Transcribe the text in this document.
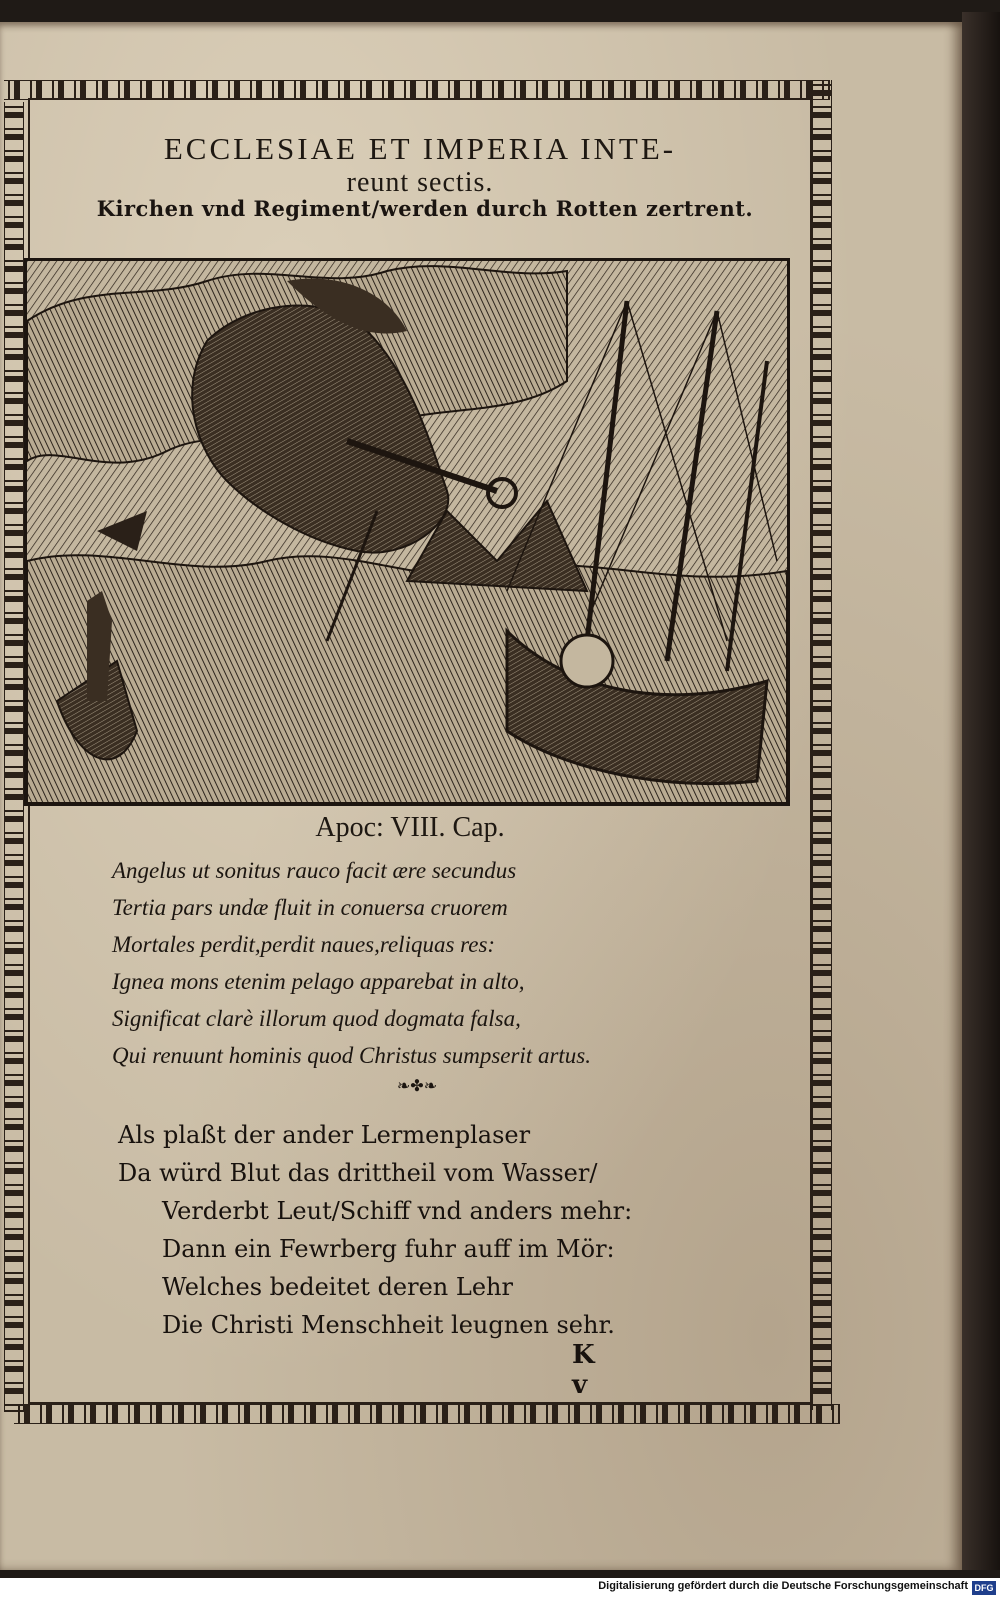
ECCLESIAE ET IMPERIA INTE-
reunt sectis.
Kirchen vnd Regiment/werden durch Rotten zertrent.
Apoc: VIII. Cap.
Angelus ut sonitus rauco facit ære secundus
Tertia pars undæ fluit in conuersa cruorem
Mortales perdit,perdit naues,reliquas res:
Ignea mons etenim pelago apparebat in alto,
Significat clarè illorum quod dogmata falsa,
Qui renuunt hominis quod Christus sumpserit artus.
❧✤❧
Als plaßt der ander Lermenplaser
Da würd Blut das drittheil vom Wasser/
Verderbt Leut/Schiff vnd anders mehr:
Dann ein Fewrberg fuhr auff im Mör:
Welches bedeitet deren Lehr
Die Christi Menschheit leugnen sehr.
K v
Digitalisierung gefördert durch die Deutsche Forschungsgemeinschaft DFG
